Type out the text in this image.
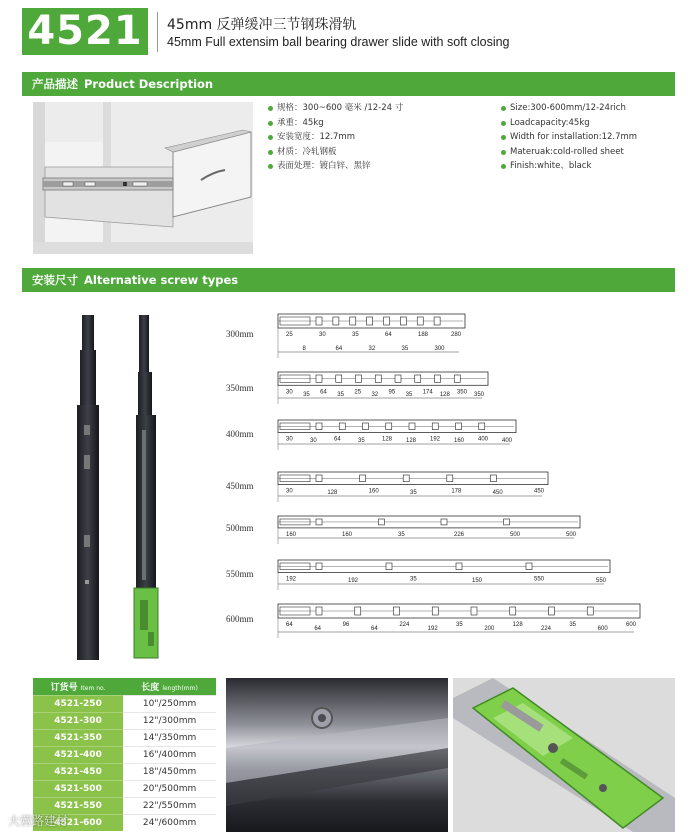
4521	45mm 反弹缓冲三节钢珠滑轨
45mm Full extensim ball bearing drawer slide with soft closing
产品描述 Product Description
规格：300~600 毫米 /12-24 寸
承重：45kg
安装宽度：12.7mm
材质：冷轧钢板
表面处理：镀白锌、黑锌
Size:300-600mm/12-24rich
Loadcapacity:45kg
Width for installation:12.7mm
Materuak:cold-rolled sheet
Finish:white、black
安装尺寸 Alternative screw types
300mm
350mm
400mm
450mm
500mm
550mm
600mm
25
8
30
64
35
32
64
35
188
300
280
30 35 64 35 25 32 95 35 174 128 350 350
30	30	64	35	128 128 192 160 400 400
30	128	160	35	178	450	450
160	160	35	226	500	500
192	192	35	150	550	550
64
64
96
64
224
192
35
200
128
224
35
600
600
订货号 Item no.	长度 length(mm)
4521-250	10"/250mm
4521-300	12"/300mm
4521-350	14"/350mm
4521-400	16"/400mm
4521-450	18"/450mm
4521-500	20"/500mm
4521-550	22"/550mm
4521-600	24"/600mm
大营路建材
